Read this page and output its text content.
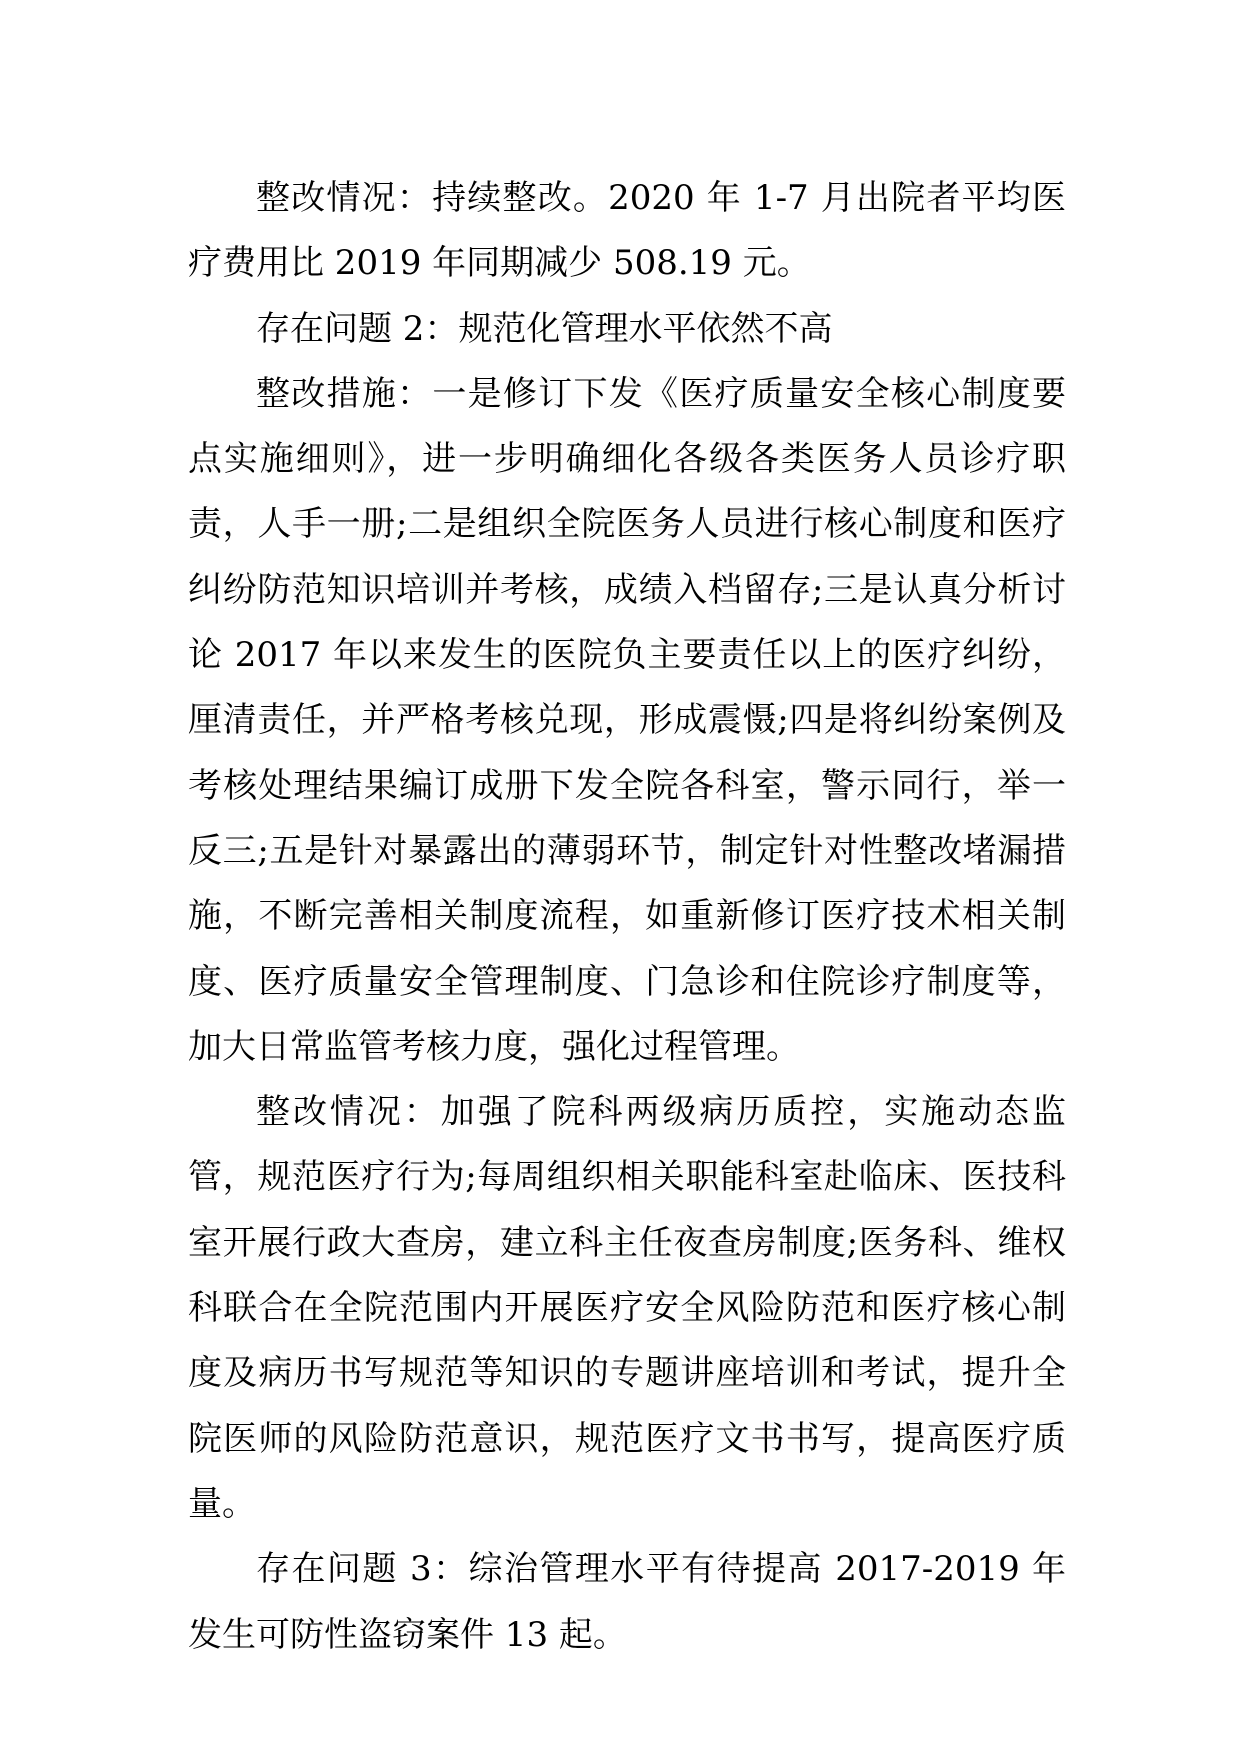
整改情况：持续整改。2020 年 1-7 月出院者平均医疗费用比 2019 年同期减少 508.19 元。

存在问题 2：规范化管理水平依然不高

整改措施：一是修订下发《医疗质量安全核心制度要点实施细则》，进一步明确细化各级各类医务人员诊疗职责，人手一册;二是组织全院医务人员进行核心制度和医疗纠纷防范知识培训并考核，成绩入档留存;三是认真分析讨论 2017 年以来发生的医院负主要责任以上的医疗纠纷，厘清责任，并严格考核兑现，形成震慑;四是将纠纷案例及考核处理结果编订成册下发全院各科室，警示同行，举一反三;五是针对暴露出的薄弱环节，制定针对性整改堵漏措施，不断完善相关制度流程，如重新修订医疗技术相关制度、医疗质量安全管理制度、门急诊和住院诊疗制度等，加大日常监管考核力度，强化过程管理。

整改情况：加强了院科两级病历质控，实施动态监管，规范医疗行为;每周组织相关职能科室赴临床、医技科室开展行政大查房，建立科主任夜查房制度;医务科、维权科联合在全院范围内开展医疗安全风险防范和医疗核心制度及病历书写规范等知识的专题讲座培训和考试，提升全院医师的风险防范意识，规范医疗文书书写，提高医疗质量。

存在问题 3：综治管理水平有待提高 2017-2019 年发生可防性盗窃案件 13 起。
